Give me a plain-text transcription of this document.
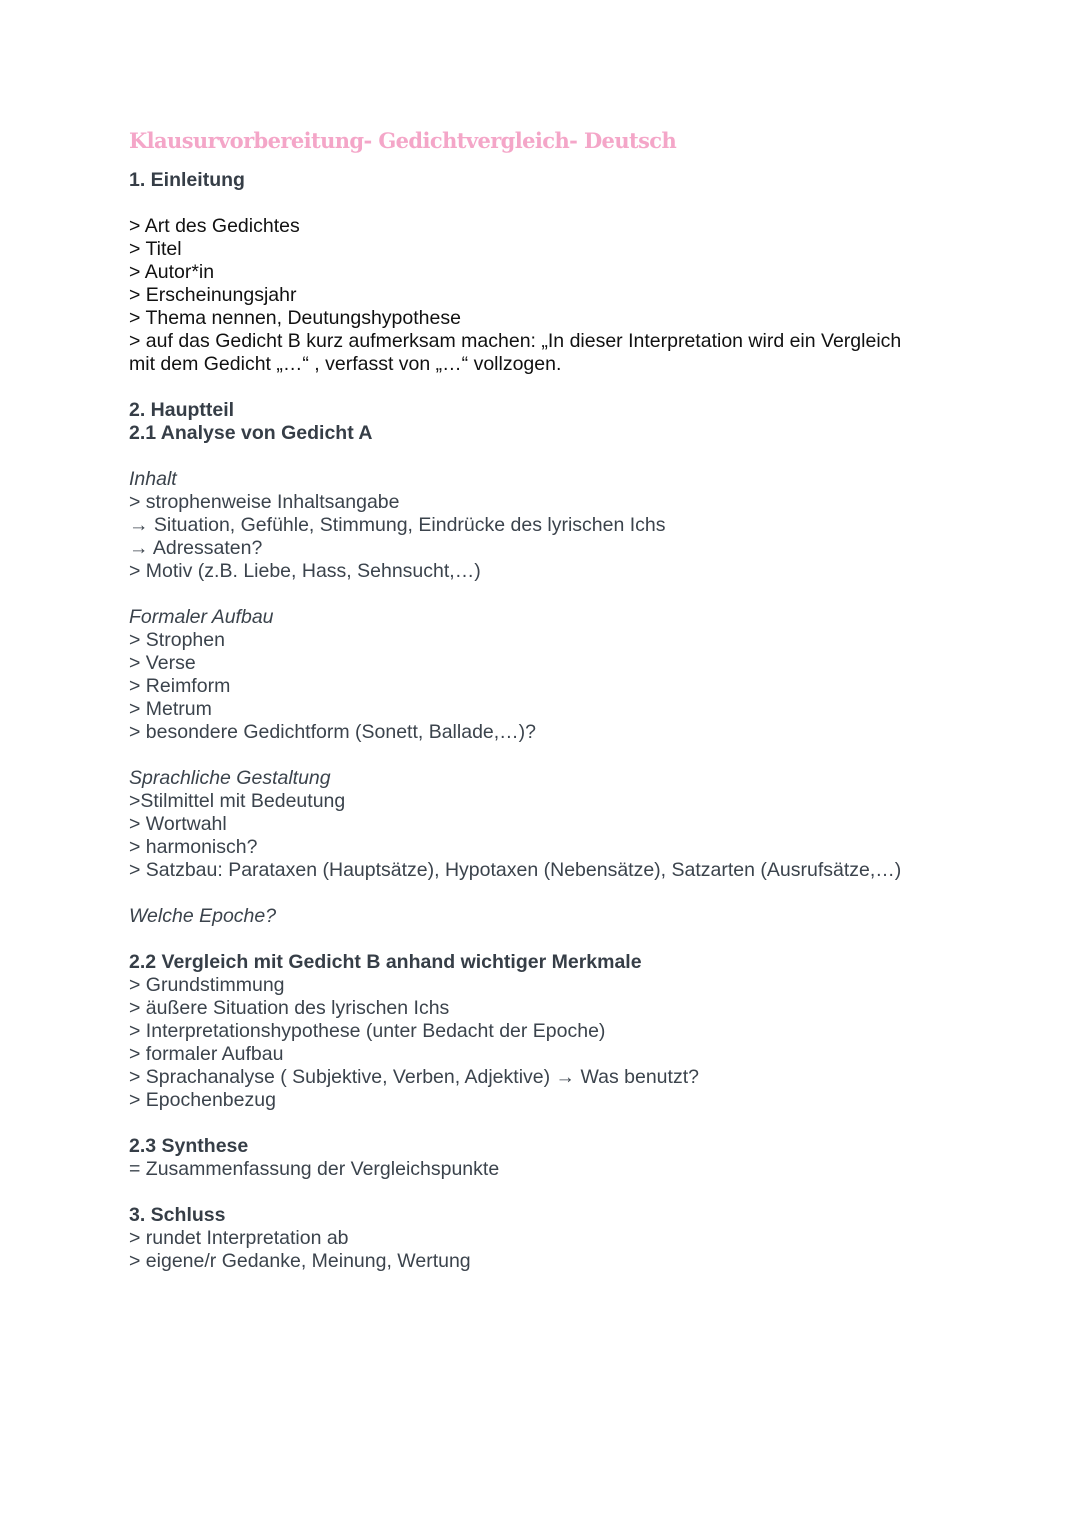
Klausurvorbereitung- Gedichtvergleich- Deutsch
1. Einleitung
> Art des Gedichtes
> Titel
> Autor*in
> Erscheinungsjahr
> Thema nennen, Deutungshypothese
> auf das Gedicht B kurz aufmerksam machen: „In dieser Interpretation wird ein Vergleich
mit dem Gedicht „…“ , verfasst von „…“ vollzogen.
2. Hauptteil
2.1 Analyse von Gedicht A
Inhalt
> strophenweise Inhaltsangabe
→ Situation, Gefühle, Stimmung, Eindrücke des lyrischen Ichs
→ Adressaten?
> Motiv (z.B. Liebe, Hass, Sehnsucht,…)
Formaler Aufbau
> Strophen
> Verse
> Reimform
> Metrum
> besondere Gedichtform (Sonett, Ballade,…)?
Sprachliche Gestaltung
>Stilmittel mit Bedeutung
> Wortwahl
> harmonisch?
> Satzbau: Parataxen (Hauptsätze), Hypotaxen (Nebensätze), Satzarten (Ausrufsätze,…)
Welche Epoche?
2.2 Vergleich mit Gedicht B anhand wichtiger Merkmale
> Grundstimmung
> äußere Situation des lyrischen Ichs
> Interpretationshypothese (unter Bedacht der Epoche)
> formaler Aufbau
> Sprachanalyse ( Subjektive, Verben, Adjektive) → Was benutzt?
> Epochenbezug
2.3 Synthese
= Zusammenfassung der Vergleichspunkte
3. Schluss
> rundet Interpretation ab
> eigene/r Gedanke, Meinung, Wertung
